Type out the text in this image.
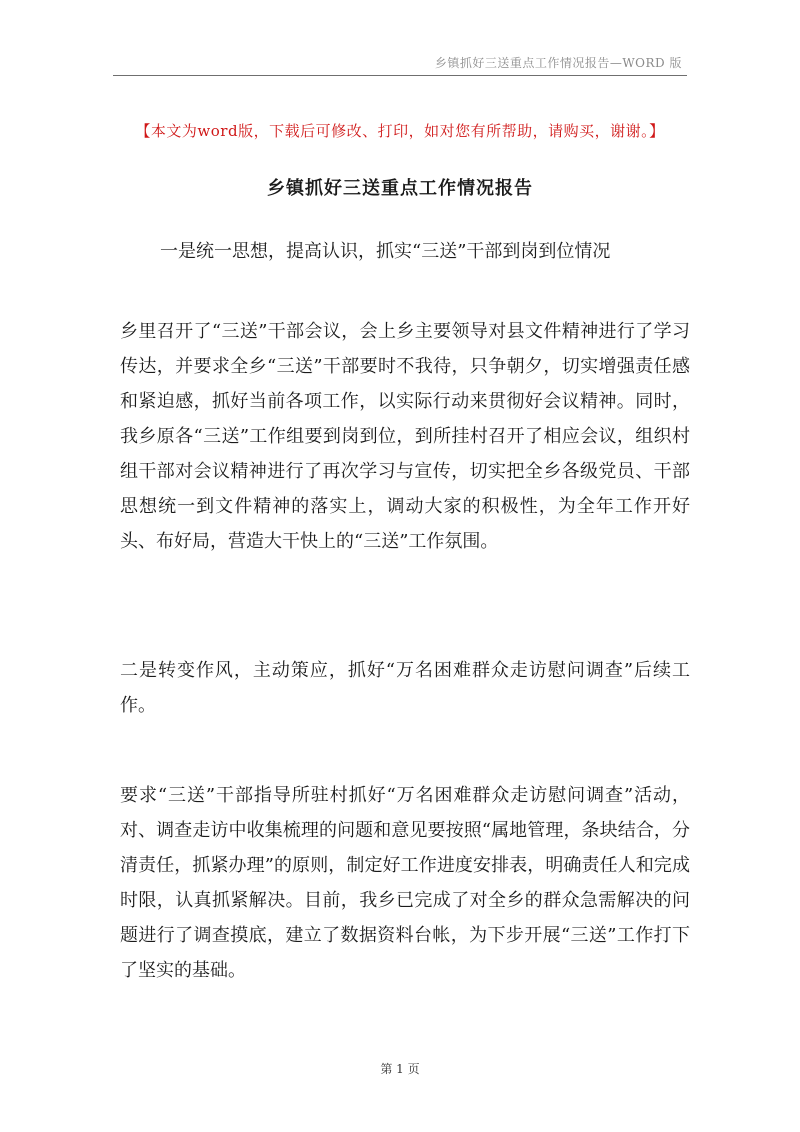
乡镇抓好三送重点工作情况报告—WORD 版
【本文为word版，下载后可修改、打印，如对您有所帮助，请购买，谢谢。】
乡镇抓好三送重点工作情况报告

一是统一思想，提高认识，抓实“三送”干部到岗到位情况

乡里召开了“三送”干部会议，会上乡主要领导对县文件精神进行了学习传达，并要求全乡“三送”干部要时不我待，只争朝夕，切实增强责任感和紧迫感，抓好当前各项工作，以实际行动来贯彻好会议精神。同时，我乡原各“三送”工作组要到岗到位，到所挂村召开了相应会议，组织村组干部对会议精神进行了再次学习与宣传，切实把全乡各级党员、干部思想统一到文件精神的落实上，调动大家的积极性，为全年工作开好头、布好局，营造大干快上的“三送”工作氛围。

二是转变作风，主动策应，抓好“万名困难群众走访慰问调查”后续工作。

要求“三送”干部指导所驻村抓好“万名困难群众走访慰问调查”活动，对、调查走访中收集梳理的问题和意见要按照“属地管理，条块结合，分清责任，抓紧办理”的原则，制定好工作进度安排表，明确责任人和完成时限，认真抓紧解决。目前，我乡已完成了对全乡的群众急需解决的问题进行了调查摸底，建立了数据资料台帐，为下步开展“三送”工作打下了坚实的基础。

第 1 页
